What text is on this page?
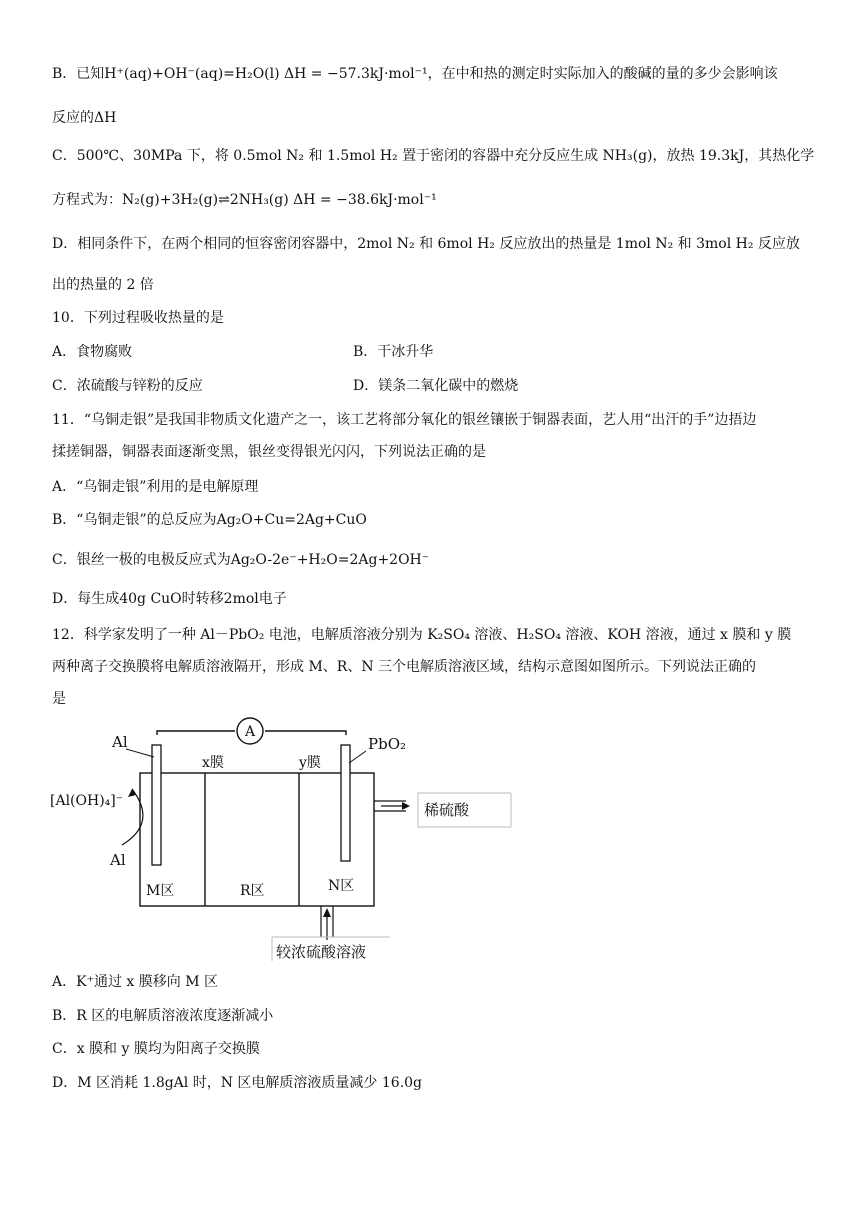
B．已知H⁺(aq)+OH⁻(aq)=H₂O(l) ΔH = −57.3kJ·mol⁻¹，在中和热的测定时实际加入的酸碱的量的多少会影响该
反应的ΔH
C．500℃、30MPa 下，将 0.5mol N₂ 和 1.5mol H₂ 置于密闭的容器中充分反应生成 NH₃(g)，放热 19.3kJ，其热化学
方程式为：N₂(g)+3H₂(g)⇌2NH₃(g) ΔH = −38.6kJ·mol⁻¹
D．相同条件下，在两个相同的恒容密闭容器中，2mol N₂ 和 6mol H₂ 反应放出的热量是 1mol N₂ 和 3mol H₂ 反应放
出的热量的 2 倍
10．下列过程吸收热量的是
A．食物腐败	B．干冰升华
C．浓硫酸与锌粉的反应	D．镁条二氧化碳中的燃烧
11．“乌铜走银”是我国非物质文化遗产之一，该工艺将部分氧化的银丝镶嵌于铜器表面，艺人用“出汗的手”边捂边
揉搓铜器，铜器表面逐渐变黑，银丝变得银光闪闪，下列说法正确的是
A．“乌铜走银”利用的是电解原理
B．“乌铜走银”的总反应为Ag₂O+Cu=2Ag+CuO
C．银丝一极的电极反应式为Ag₂O-2e⁻+H₂O=2Ag+2OH⁻
D．每生成40g CuO时转移2mol电子
12．科学家发明了一种 Al－PbO₂ 电池，电解质溶液分别为 K₂SO₄ 溶液、H₂SO₄ 溶液、KOH 溶液，通过 x 膜和 y 膜
两种离子交换膜将电解质溶液隔开，形成 M、R、N 三个电解质溶液区域，结构示意图如图所示。下列说法正确的
是
A
Al	PbO₂
x膜	y膜
[Al(OH)₄]⁻
Al
M区	R区	N区
稀硫酸
较浓硫酸溶液
A．K⁺通过 x 膜移向 M 区
B．R 区的电解质溶液浓度逐渐减小
C．x 膜和 y 膜均为阳离子交换膜
D．M 区消耗 1.8gAl 时，N 区电解质溶液质量减少 16.0g
